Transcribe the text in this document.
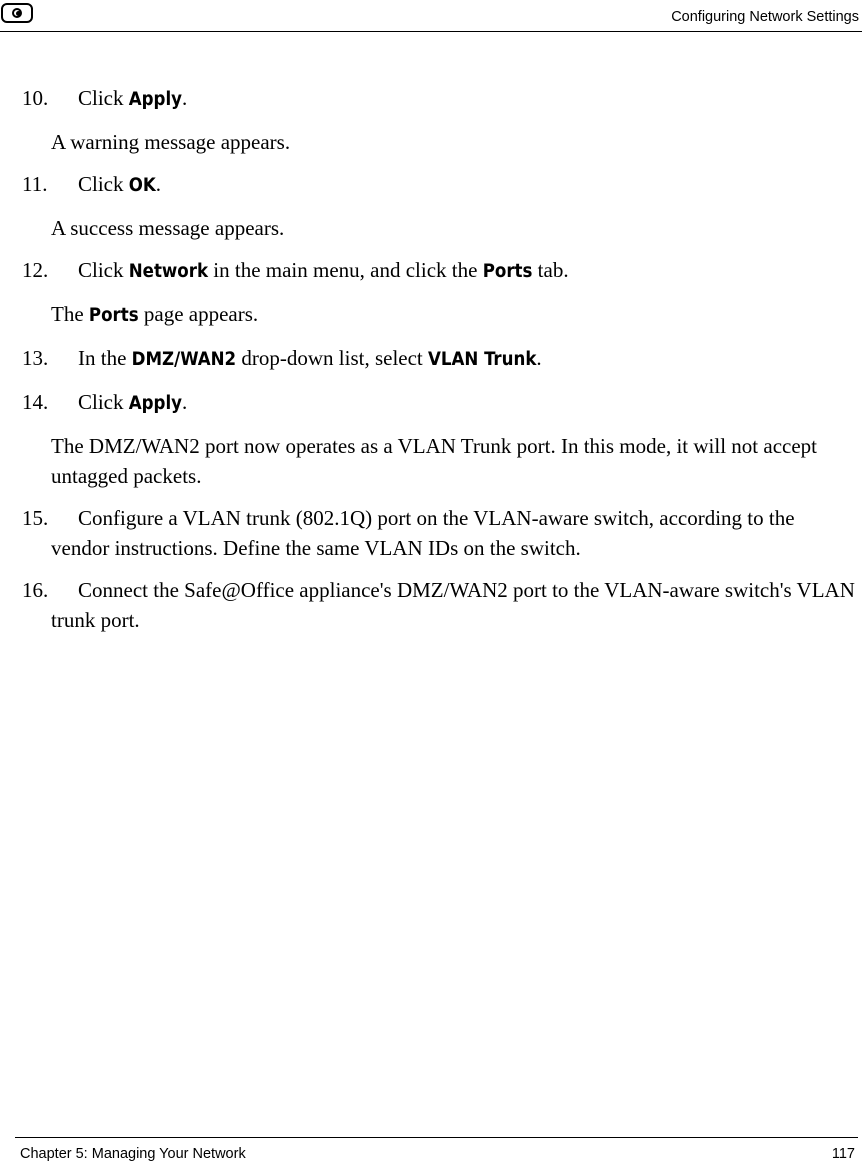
Configuring Network Settings
10.	Click Apply.
A warning message appears.
11.	Click OK.
A success message appears.
12.	Click Network in the main menu, and click the Ports tab.
The Ports page appears.
13.	In the DMZ/WAN2 drop-down list, select VLAN Trunk.
14.	Click Apply.
The DMZ/WAN2 port now operates as a VLAN Trunk port. In this mode, it will not accept untagged packets.
15. Configure a VLAN trunk (802.1Q) port on the VLAN-aware switch, according to the vendor instructions. Define the same VLAN IDs on the switch.
16. Connect the Safe@Office appliance's DMZ/WAN2 port to the VLAN-aware switch's VLAN trunk port.
Chapter 5: Managing Your Network	117
